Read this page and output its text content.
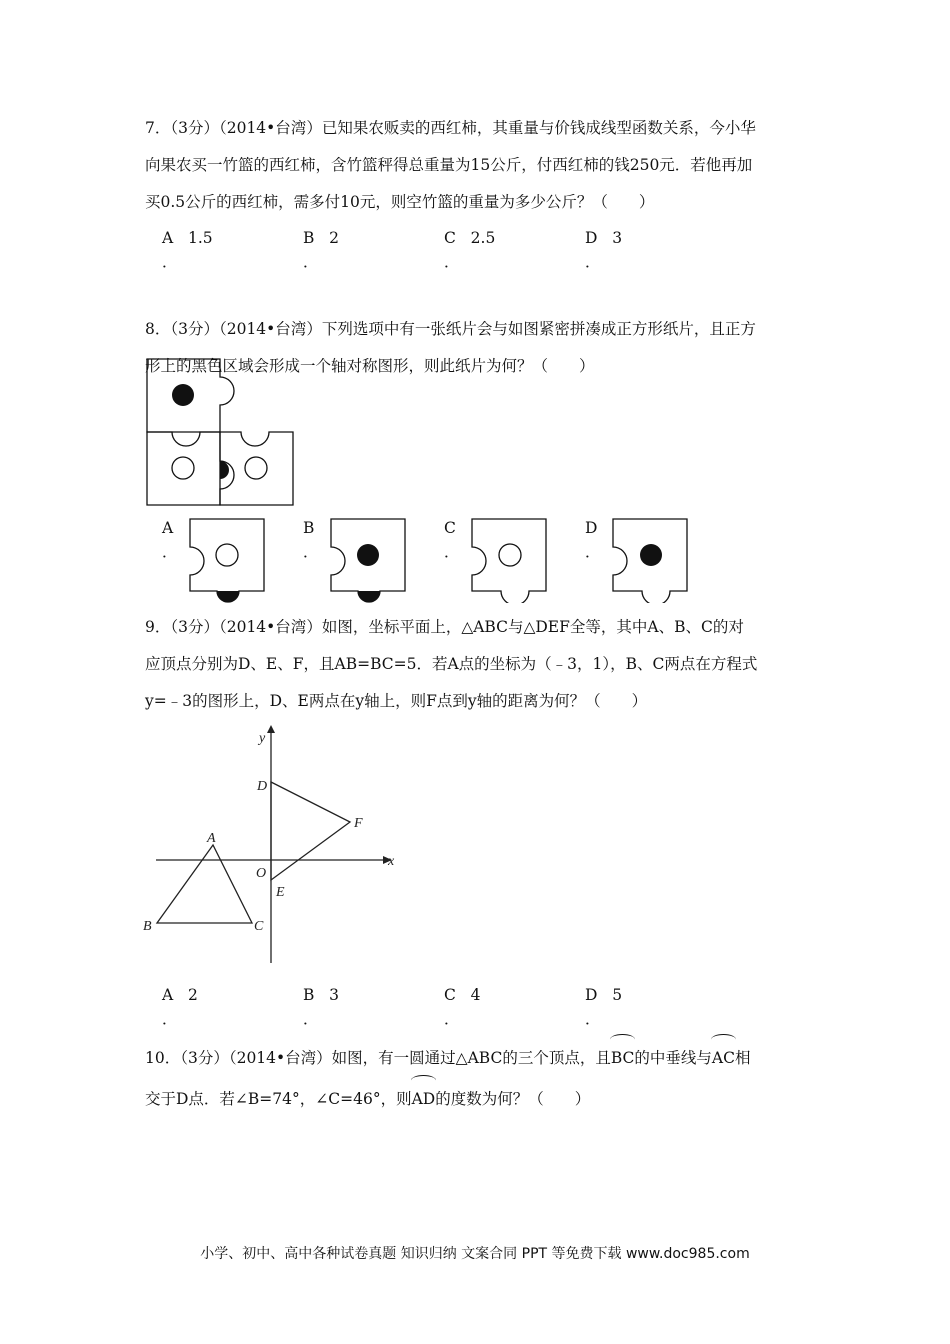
7．（3分）（2014•台湾）已知果农贩卖的西红柿，其重量与价钱成线型函数关系，今小华

向果农买一竹篮的西红柿，含竹篮秤得总重量为15公斤，付西红柿的钱250元．若他再加

买0.5公斤的西红柿，需多付10元，则空竹篮的重量为多少公斤？（　　）

A 1.5
．
B 2
．
C 2.5
．
D 3
．

8．（3分）（2014•台湾）下列选项中有一张纸片会与如图紧密拼凑成正方形纸片，且正方

形上的黑色区域会形成一个轴对称图形，则此纸片为何？（　　）

A
．
B
．
C
．
D
．

9．（3分）（2014•台湾）如图，坐标平面上，△ABC与△DEF全等，其中A、B、C的对

应顶点分别为D、E、F，且AB=BC=5．若A点的坐标为（﹣3，1），B、C两点在方程式

y=﹣3的图形上，D、E两点在y轴上，则F点到y轴的距离为何？（　　）

y
x
O
A
B	C
D
E
F
A 2
．
B 3
．
C 4
．
D 5
．

10．（3分）（2014•台湾）如图，有一圆通过△ABC的三个顶点，且BC的中垂线与AC相

交于D点．若∠B=74°，∠C=46°，则AD的度数为何？（　　）

小学、初中、高中各种试卷真题 知识归纳 文案合同 PPT 等免费下载 www.doc985.com
